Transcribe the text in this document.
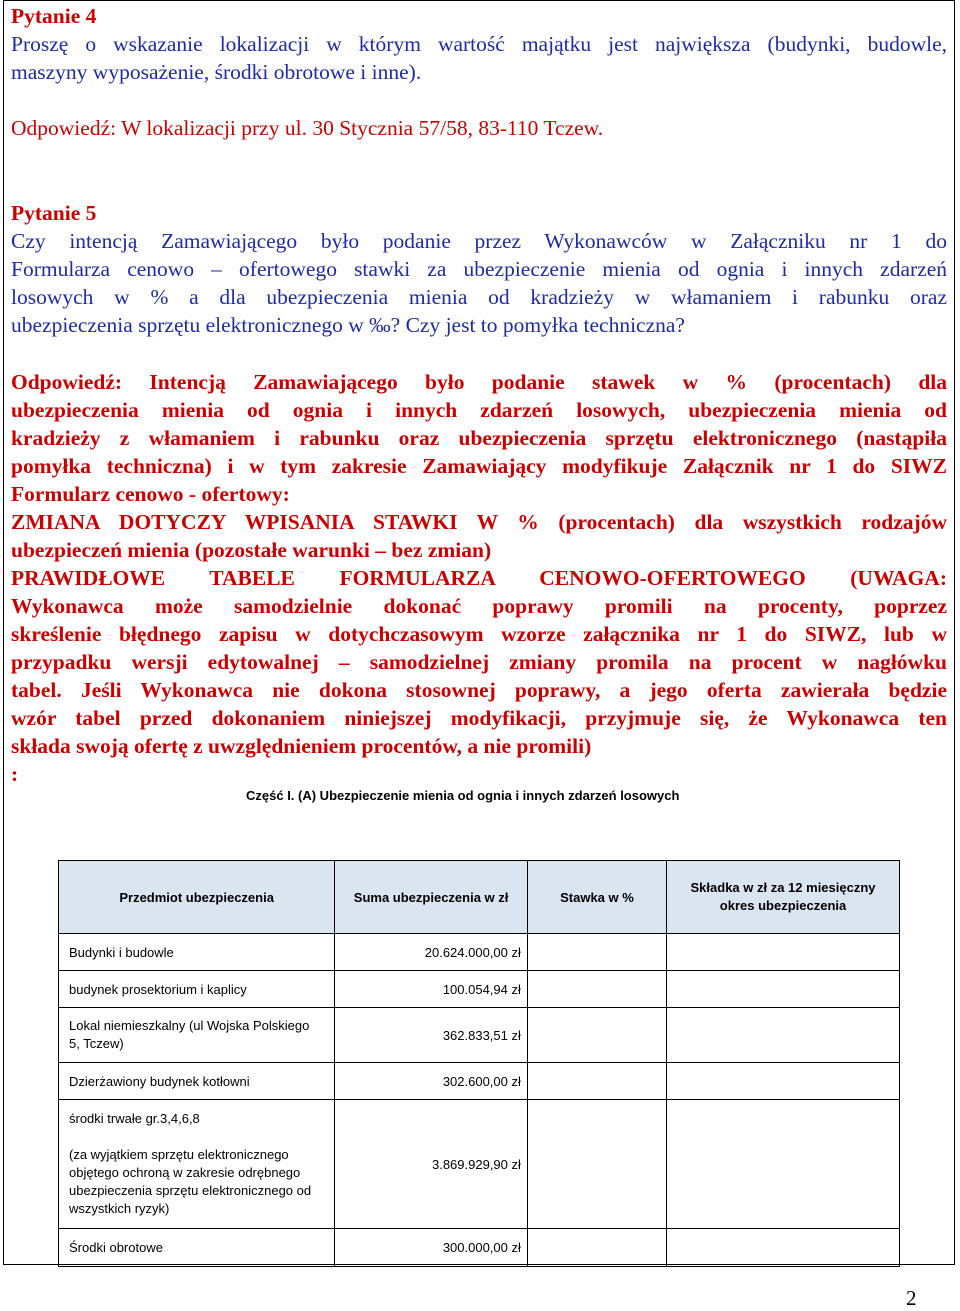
Pytanie 4
Proszę o wskazanie lokalizacji w którym wartość majątku jest największa (budynki, budowle,
maszyny wyposażenie, środki obrotowe i inne).
Odpowiedź: W lokalizacji przy ul. 30 Stycznia 57/58, 83-110 Tczew.
Pytanie 5
Czy intencją Zamawiającego było podanie przez Wykonawców w Załączniku nr 1 do
Formularza cenowo – ofertowego stawki za ubezpieczenie mienia od ognia i innych zdarzeń
losowych w % a dla ubezpieczenia mienia od kradzieży w włamaniem i rabunku oraz
ubezpieczenia sprzętu elektronicznego w ‰? Czy jest to pomyłka techniczna?
Odpowiedź: Intencją Zamawiającego było podanie stawek w % (procentach) dla
ubezpieczenia mienia od ognia i innych zdarzeń losowych, ubezpieczenia mienia od
kradzieży z włamaniem i rabunku oraz ubezpieczenia sprzętu elektronicznego (nastąpiła
pomyłka techniczna) i w tym zakresie Zamawiający modyfikuje Załącznik nr 1 do SIWZ
Formularz cenowo - ofertowy:
ZMIANA DOTYCZY WPISANIA STAWKI W % (procentach) dla wszystkich rodzajów
ubezpieczeń mienia (pozostałe warunki – bez zmian)
PRAWIDŁOWE TABELE FORMULARZA CENOWO-OFERTOWEGO (UWAGA:
Wykonawca może samodzielnie dokonać poprawy promili na procenty, poprzez
skreślenie błędnego zapisu w dotychczasowym wzorze załącznika nr 1 do SIWZ, lub w
przypadku wersji edytowalnej – samodzielnej zmiany promila na procent w nagłówku
tabel. Jeśli Wykonawca nie dokona stosownej poprawy, a jego oferta zawierała będzie
wzór tabel przed dokonaniem niniejszej modyfikacji, przyjmuje się, że Wykonawca ten
składa swoją ofertę z uwzględnieniem procentów, a nie promili)
:
Część I. (A) Ubezpieczenie mienia od ognia i innych zdarzeń losowych
Przedmiot ubezpieczenia	Suma ubezpieczenia w zł	Stawka w %	Składka w zł za 12 miesięczny okres ubezpieczenia
Budynki i budowle	20.624.000,00 zł		
budynek prosektorium i kaplicy	100.054,94 zł		

Lokal niemieszkalny (ul Wojska Polskiego
5, Tczew)	362.833,51 zł		
Dzierżawiony budynek kotłowni	302.600,00 zł		

środki trwałe gr.3,4,6,8
(za wyjątkiem sprzętu elektronicznego
objętego ochroną w zakresie odrębnego
ubezpieczenia sprzętu elektronicznego od
wszystkich ryzyk)	3.869.929,90 zł		
Środki obrotowe	300.000,00 zł		
2
